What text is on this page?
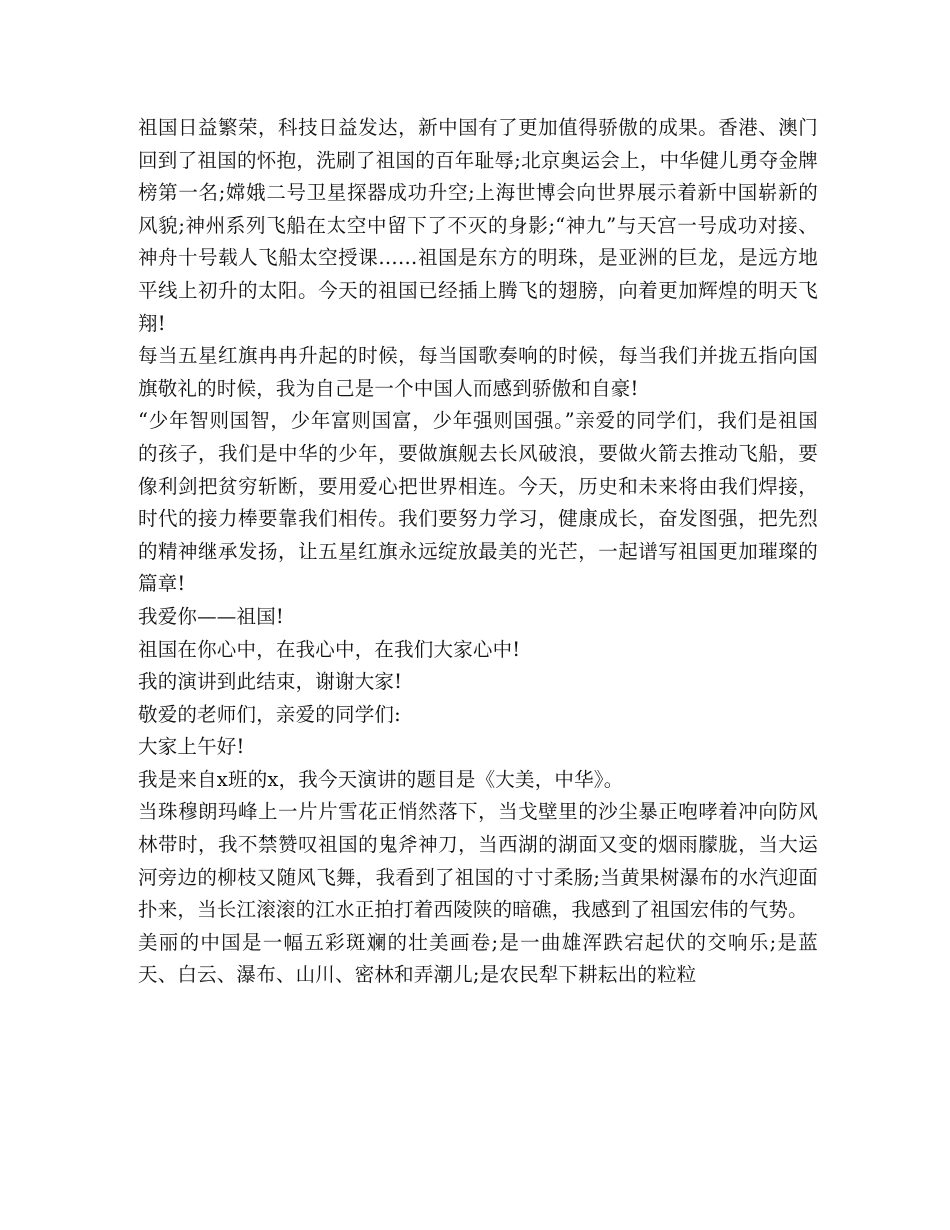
祖国日益繁荣，科技日益发达，新中国有了更加值得骄傲的成果。香港、澳门回到了祖国的怀抱，洗刷了祖国的百年耻辱;北京奥运会上，中华健儿勇夺金牌榜第一名;嫦娥二号卫星探器成功升空;上海世博会向世界展示着新中国崭新的风貌;神州系列飞船在太空中留下了不灭的身影;“神九”与天宫一号成功对接、神舟十号载人飞船太空授课……祖国是东方的明珠，是亚洲的巨龙，是远方地平线上初升的太阳。今天的祖国已经插上腾飞的翅膀，向着更加辉煌的明天飞翔!

每当五星红旗冉冉升起的时候，每当国歌奏响的时候，每当我们并拢五指向国旗敬礼的时候，我为自己是一个中国人而感到骄傲和自豪!

“少年智则国智，少年富则国富，少年强则国强。”亲爱的同学们，我们是祖国的孩子，我们是中华的少年，要做旗舰去长风破浪，要做火箭去推动飞船，要像利剑把贫穷斩断，要用爱心把世界相连。今天，历史和未来将由我们焊接，时代的接力棒要靠我们相传。我们要努力学习，健康成长，奋发图强，把先烈的精神继承发扬，让五星红旗永远绽放最美的光芒，一起谱写祖国更加璀璨的篇章!

我爱你——祖国!

祖国在你心中，在我心中，在我们大家心中!

我的演讲到此结束，谢谢大家!

敬爱的老师们，亲爱的同学们:

大家上午好!

我是来自x班的x，我今天演讲的题目是《大美，中华》。

当珠穆朗玛峰上一片片雪花正悄然落下，当戈壁里的沙尘暴正咆哮着冲向防风林带时，我不禁赞叹祖国的鬼斧神刀，当西湖的湖面又变的烟雨朦胧，当大运河旁边的柳枝又随风飞舞，我看到了祖国的寸寸柔肠;当黄果树瀑布的水汽迎面扑来，当长江滚滚的江水正拍打着西陵陕的暗礁，我感到了祖国宏伟的气势。

美丽的中国是一幅五彩斑斓的壮美画卷;是一曲雄浑跌宕起伏的交响乐;是蓝天、白云、瀑布、山川、密林和弄潮儿;是农民犁下耕耘出的粒粒
